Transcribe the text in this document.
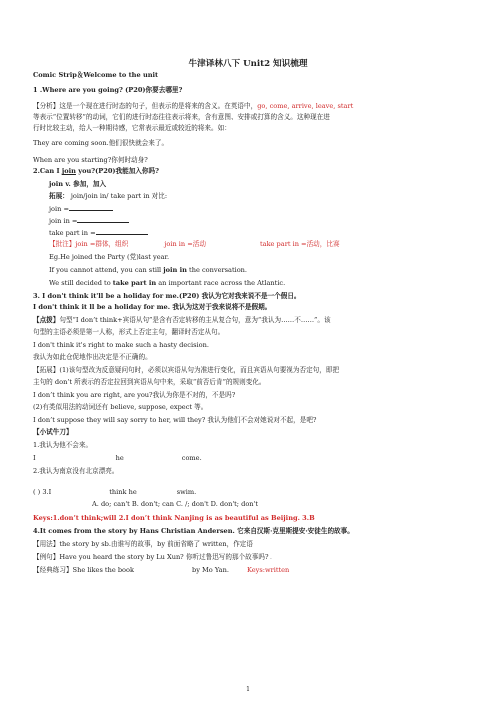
牛津译林八下 Unit2 知识梳理
Comic Strip＆Welcome to the unit
1 .Where are you going? (P20)你要去哪里?
【分析】这是一个现在进行时态的句子，但表示的是将来的含义。在英语中，go, come, arrive, leave, start
等表示“位置转移”的动词，它们的进行时态往往表示将来，含有意图、安排或打算的含义。这种现在进
行时比较主动，给人一种期待感，它常表示最近或较近的将来。如：
They are coming soon.他们很快就会来了。
When are you starting?你何时动身?
2.Can I join you?(P20)我能加入你吗?
join v. 参加，加入
拓展： join/join in/ take part in 对比:
join =
join in =
take part in =
【批注】join =群体，组织	join in =活动	take part in =活动，比赛
Eg.He joined the Party (党)last year.
If you cannot attend, you can still join in the conversation.
We still decided to take part in an important race across the Atlantic.
3. I don't think it'll be a holiday for me.(P20) 我认为它对我来说不是一个假日。
I don't think it ll be a holiday for me. 我认为这对于我来说将不是假期。
【点拨】句型“I don’t think+宾语从句”是含有否定转移的主从复合句，意为“我认为……不……”。该
句型的主语必须是第一人称，形式上否定主句，翻译时否定从句。
I don't think it's right to make such a hasty decision.
我认为如此仓促地作出决定是不正确的。
【拓展】(1)该句型改为反意疑问句时，必须以宾语从句为准进行变化，而且宾语从句要视为否定句，即把
主句的 don’t 所表示的否定拉回到宾语从句中来，采取“前否后肯”的规则变化。
I don’t think you are right, are you?我认为你是不对的，不是吗?
(2)有类似用法的动词还有 believe, suppose, expect 等。
I don’t suppose they will say sorry to her, will they? 我认为他们不会对她说对不起，是吧?
【小试牛刀】
1.我认为他不会来。
I	he	come.
2.我认为南京没有北京漂亮。
·
( ) 3.I	think he	swim.
A. do; can't B. don't; can C. /; don't D. don't; don't
Keys:1.don’t think;will 2.I don’t think Nanjing is as beautiful as Beijing. 3.B
4.It comes from the story by Hans Christian Andersen. 它来自汉斯·克里斯提安·安徒生的故事。
【用法】the story by sb.由谁写的故事，by 前面省略了 written，作定语
【例句】Have you heard the story by Lu Xun? 你听过鲁迅写的那个故事吗?
【经典练习】She likes the book	by Mo Yan.	Keys:written
1
